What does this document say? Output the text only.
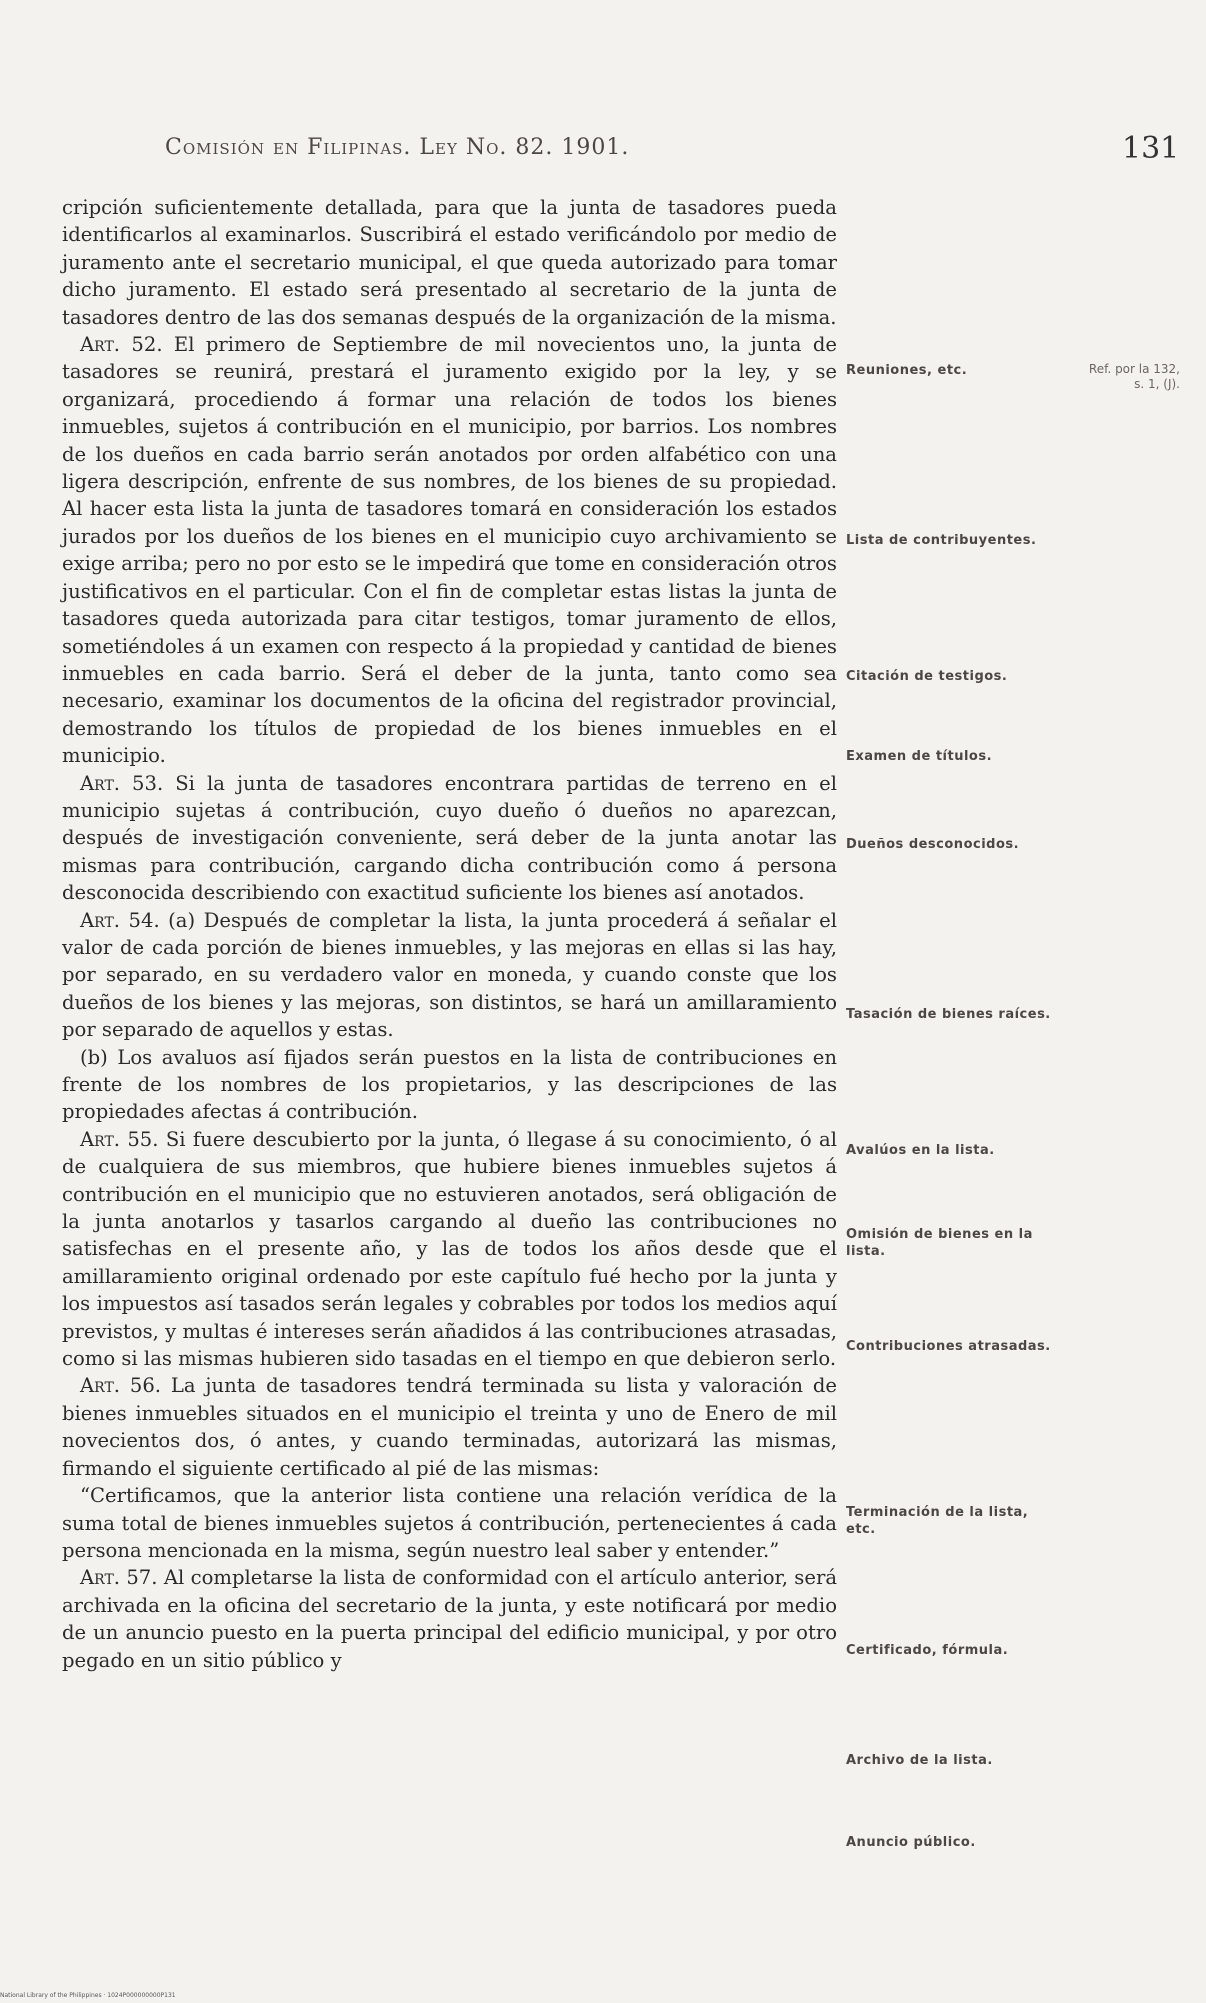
Comisión en Filipinas. Ley No. 82. 1901.	131

cripción suficientemente detallada, para que la junta de tasadores pueda identificarlos al examinarlos. Suscribirá el estado verificándolo por medio de juramento ante el secretario municipal, el que queda autorizado para tomar dicho juramento. El estado será presentado al secretario de la junta de tasadores dentro de las dos semanas después de la organización de la misma.

Art. 52. El primero de Septiembre de mil novecientos uno, la junta de tasadores se reunirá, prestará el juramento exigido por la ley, y se organizará, procediendo á formar una relación de todos los bienes inmuebles, sujetos á contribución en el municipio, por barrios. Los nombres de los dueños en cada barrio serán anotados por orden alfabético con una ligera descripción, enfrente de sus nombres, de los bienes de su propiedad. Al hacer esta lista la junta de tasadores tomará en consideración los estados jurados por los dueños de los bienes en el municipio cuyo archivamiento se exige arriba; pero no por esto se le impedirá que tome en consideración otros justificativos en el particular. Con el fin de completar estas listas la junta de tasadores queda autorizada para citar testigos, tomar juramento de ellos, sometiéndoles á un examen con respecto á la propiedad y cantidad de bienes inmuebles en cada barrio. Será el deber de la junta, tanto como sea necesario, examinar los documentos de la oficina del registrador provincial, demostrando los títulos de propiedad de los bienes inmuebles en el municipio.

Art. 53. Si la junta de tasadores encontrara partidas de terreno en el municipio sujetas á contribución, cuyo dueño ó dueños no aparezcan, después de investigación conveniente, será deber de la junta anotar las mismas para contribución, cargando dicha contribución como á persona desconocida describiendo con exactitud suficiente los bienes así anotados.

Art. 54. (a) Después de completar la lista, la junta procederá á señalar el valor de cada porción de bienes inmuebles, y las mejoras en ellas si las hay, por separado, en su verdadero valor en moneda, y cuando conste que los dueños de los bienes y las mejoras, son distintos, se hará un amillaramiento por separado de aquellos y estas.

(b) Los avaluos así fijados serán puestos en la lista de contribuciones en frente de los nombres de los propietarios, y las descripciones de las propiedades afectas á contribución.

Art. 55. Si fuere descubierto por la junta, ó llegase á su conocimiento, ó al de cualquiera de sus miembros, que hubiere bienes inmuebles sujetos á contribución en el municipio que no estuvieren anotados, será obligación de la junta anotarlos y tasarlos cargando al dueño las contribuciones no satisfechas en el presente año, y las de todos los años desde que el amillaramiento original ordenado por este capítulo fué hecho por la junta y los impuestos así tasados serán legales y cobrables por todos los medios aquí previstos, y multas é intereses serán añadidos á las contribuciones atrasadas, como si las mismas hubieren sido tasadas en el tiempo en que debieron serlo.

Art. 56. La junta de tasadores tendrá terminada su lista y valoración de bienes inmuebles situados en el municipio el treinta y uno de Enero de mil novecientos dos, ó antes, y cuando terminadas, autorizará las mismas, firmando el siguiente certificado al pié de las mismas:

“Certificamos, que la anterior lista contiene una relación verídica de la suma total de bienes inmuebles sujetos á contribución, pertenecientes á cada persona mencionada en la misma, según nuestro leal saber y entender.”

Art. 57. Al completarse la lista de conformidad con el artículo anterior, será archivada en la oficina del secretario de la junta, y este notificará por medio de un anuncio puesto en la puerta principal del edificio municipal, y por otro pegado en un sitio público y

Reuniones, etc.	Ref. por la 132, s. 1, (J).
Lista de contribuyentes.
Citación de testigos.
Examen de títulos.
Dueños desconocidos.
Tasación de bienes raíces.
Avalúos en la lista.
Omisión de bienes en la lista.
Contribuciones atrasadas.
Terminación de la lista, etc.
Certificado, fórmula.
Archivo de la lista.
Anuncio público.
National Library of the Philippines · 1024P000000000P131
